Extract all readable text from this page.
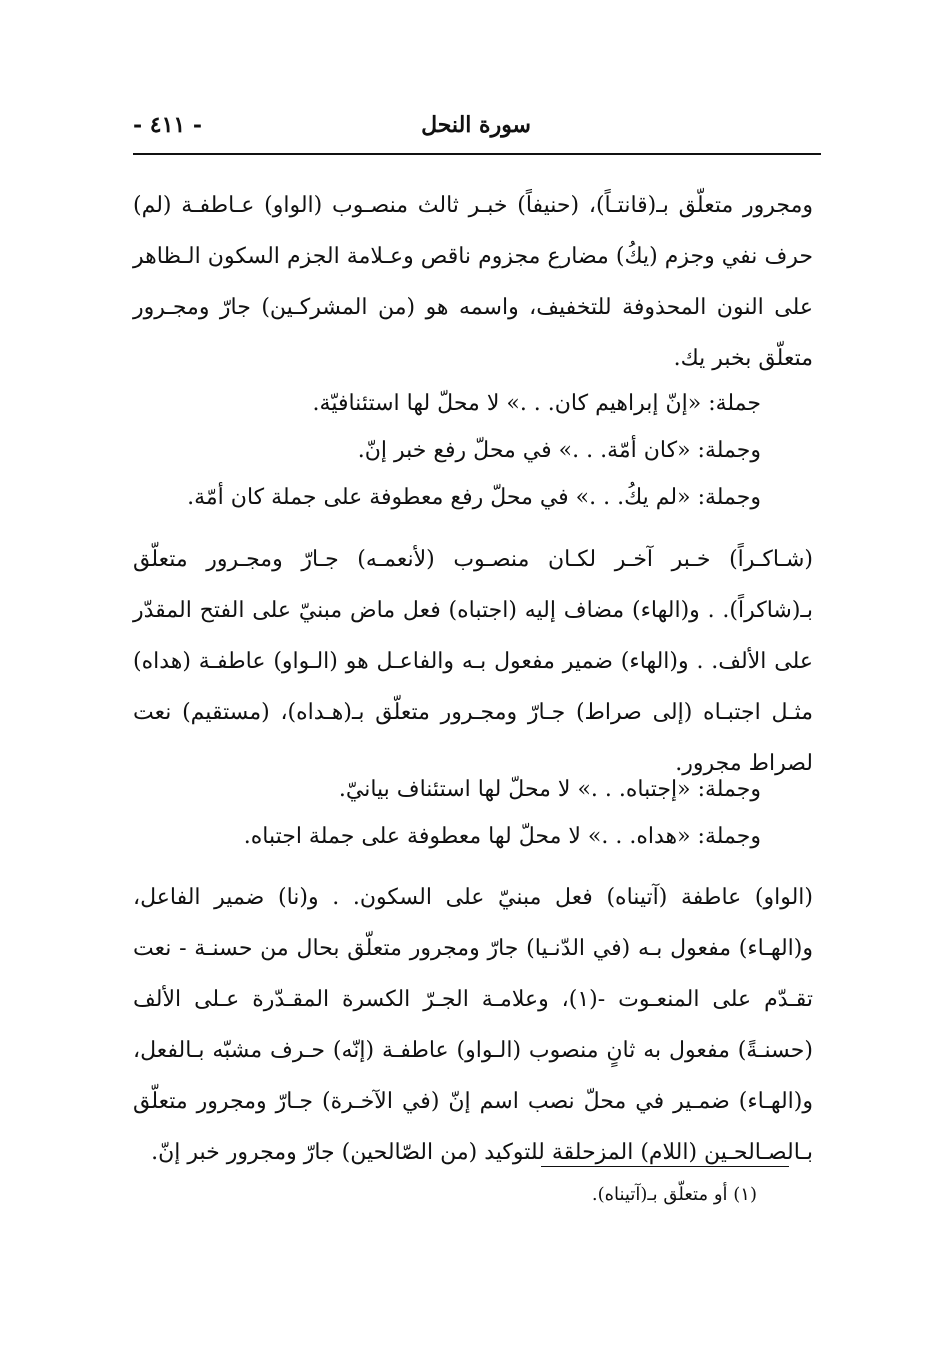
سورة النحل
- ٤١١ -

ومجرور متعلّق بـ(قانتـاً)، (حنيفاً) خبـر ثالث منصـوب (الواو) عـاطفـة (لم) حرف نفي وجزم (يكُ) مضارع مجزوم ناقص وعـلامة الجزم السكون الـظاهر على النون المحذوفة للتخفيف، واسمه هو (من المشركـين) جارّ ومجـرور متعلّق بخبر يك.

جملة: «إنّ إبراهيم كان. . .» لا محلّ لها استئنافيّة.

وجملة: «كان أمّة. . .» في محلّ رفع خبر إنّ.

وجملة: «لم يكُ. . .» في محلّ رفع معطوفة على جملة كان أمّة.

(شـاكـراً) خـبر آخـر لكـان منصـوب (لأنعمـه) جـارّ ومجـرور متعلّق بـ(شاكراً). . و(الهاء) مضاف إليه (اجتباه) فعل ماض مبنيّ على الفتح المقدّر على الألف. . و(الهاء) ضمير مفعول بـه والفاعـل هو (الـواو) عاطفـة (هداه) مثـل اجتبـاه (إلى صراط) جـارّ ومجـرور متعلّق بـ(هـداه)، (مستقيم) نعت لصراط مجرور.

وجملة: «إجتباه. . .» لا محلّ لها استئناف بيانيّ.

وجملة: «هداه. . .» لا محلّ لها معطوفة على جملة اجتباه.

(الواو) عاطفة (آتيناه) فعل مبنيّ على السكون. . و(نا) ضمير الفاعل، و(الهـاء) مفعول بـه (في الدّنـيا) جارّ ومجرور متعلّق بحال من حسنـة - نعت تقـدّم على المنعـوت -(١)، وعلامـة الجـرّ الكسرة المقـدّرة عـلى الألف (حسنـةً) مفعول به ثانٍ منصوب (الـواو) عاطفـة (إنّه) حـرف مشبّه بـالفعل، و(الهـاء) ضمـير في محلّ نصب اسم إنّ (في الآخـرة) جـارّ ومجرور متعلّق بـالصـالحـين (اللام) المزحلقة للتوكيد (من الصّالحين) جارّ ومجرور خبر إنّ.

(١) أو متعلّق بـ(آتيناه).
